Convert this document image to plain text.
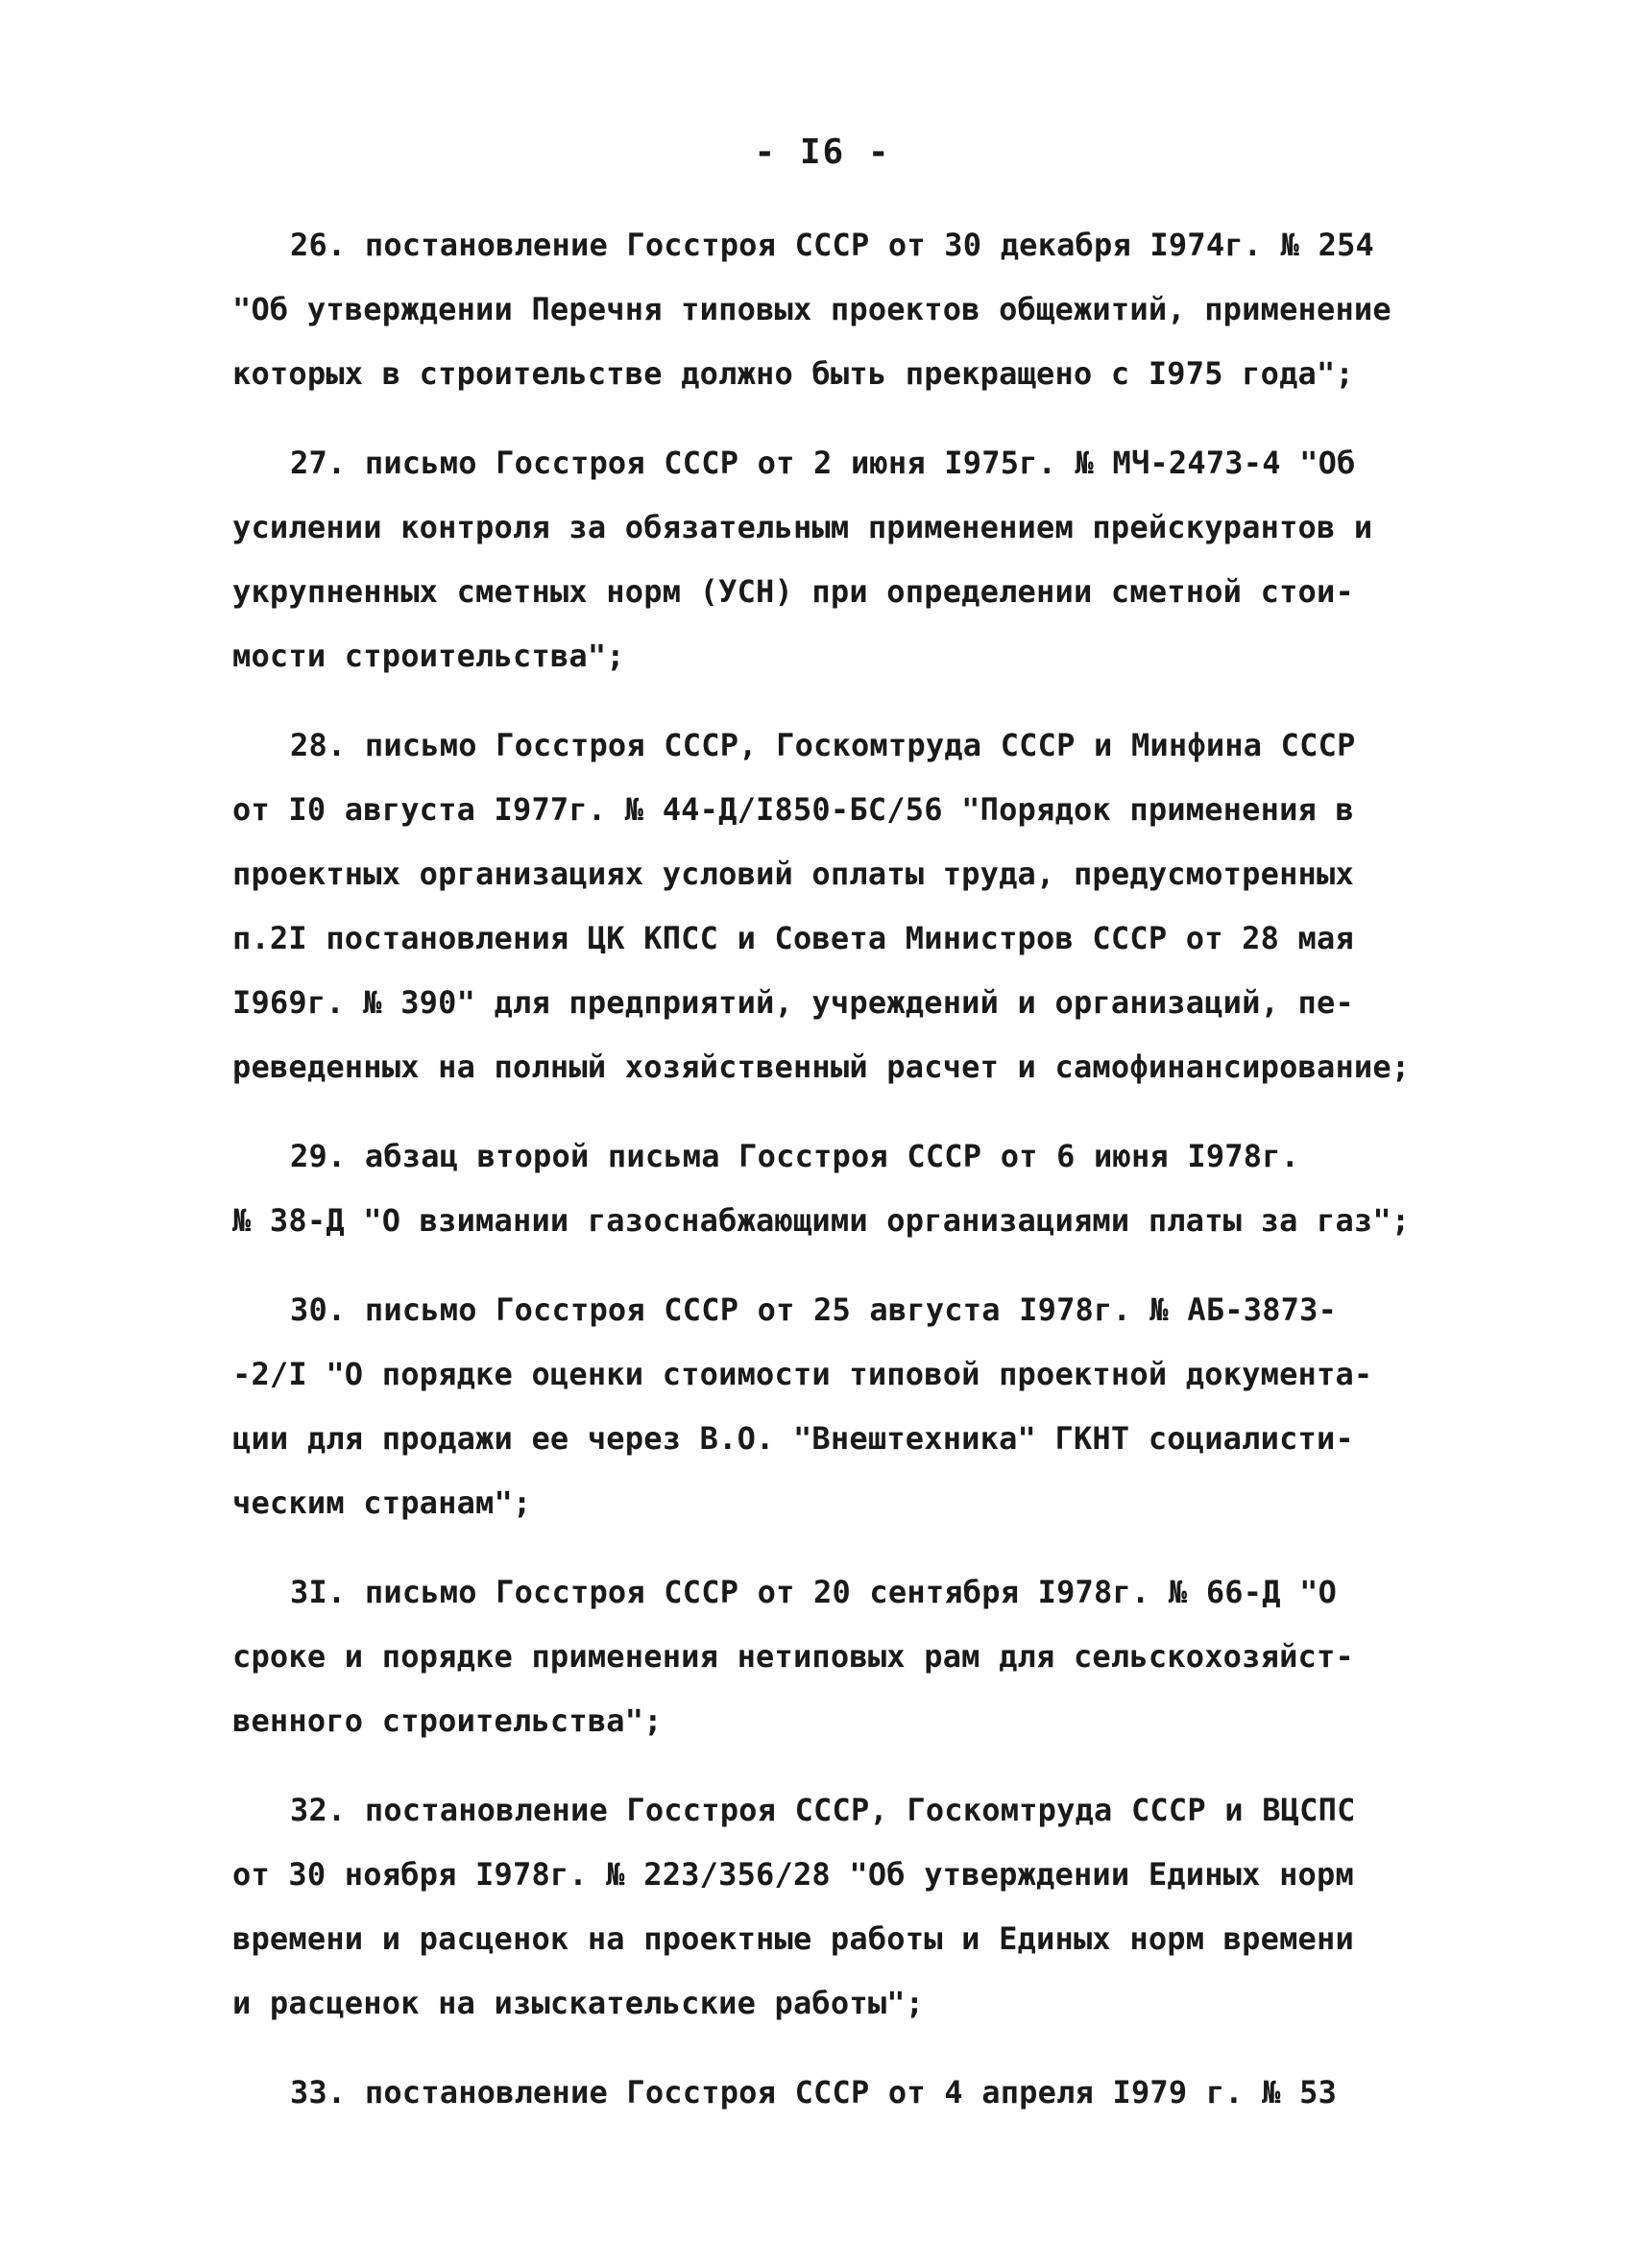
- I6 -
26. постановление Госстроя СССР от 30 декабря I974г. № 254
"Об утверждении Перечня типовых проектов общежитий, применение
которых в строительстве должно быть прекращено с I975 года";
27. письмо Госстроя СССР от 2 июня I975г. № МЧ-2473-4 "Об
усилении контроля за обязательным применением прейскурантов и
укрупненных сметных норм (УСН) при определении сметной стои-
мости строительства";
28. письмо Госстроя СССР, Госкомтруда СССР и Минфина СССР
от I0 августа I977г. № 44-Д/I850-БС/56 "Порядок применения в
проектных организациях условий оплаты труда, предусмотренных
п.2I постановления ЦК КПСС и Совета Министров СССР от 28 мая
I969г. № 390" для предприятий, учреждений и организаций, пе-
реведенных на полный хозяйственный расчет и самофинансирование;
29. абзац второй письма Госстроя СССР от 6 июня I978г.
№ 38-Д "О взимании газоснабжающими организациями платы за газ";
30. письмо Госстроя СССР от 25 августа I978г. № АБ-3873-
-2/I "О порядке оценки стоимости типовой проектной документа-
ции для продажи ее через В.О. "Внештехника" ГКНТ социалисти-
ческим странам";
3I. письмо Госстроя СССР от 20 сентября I978г. № 66-Д "О
сроке и порядке применения нетиповых рам для сельскохозяйст-
венного строительства";
32. постановление Госстроя СССР, Госкомтруда СССР и ВЦСПС
от 30 ноября I978г. № 223/356/28 "Об утверждении Единых норм
времени и расценок на проектные работы и Единых норм времени
и расценок на изыскательские работы";
33. постановление Госстроя СССР от 4 апреля I979 г. № 53
